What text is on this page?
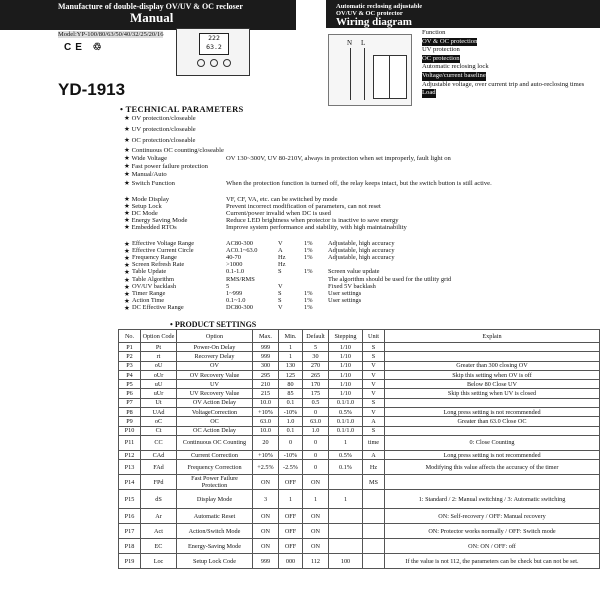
Manufacture of double-display OV/UV & OC recloser
Manual
Model:YP-100/80/63/50/40/32/25/20/16
CE ♲
222
63.2
YD-1913
Automatic reclosing adjustable
OV/UV & OC protector
Wiring diagram
N L
Function
OV & OC protection
UV protection
OC protection
Automatic reclosing lock
Voltage/current baseline
Adjustable voltage, over current trip and auto-reclosing times
Load
• TECHNICAL PARAMETERS
★ OV protection/closeable
★ UV protection/closeable
★ OC protection/closeable
★ Continuous OC counting/closeable
★ Wide Voltage	OV 130~300V, UV 80-210V, always in protection when set improperly, fault light on
★ Fast power failure protection
★ Manual/Auto
★ Switch Function	When the protection function is turned off, the relay keeps intact, but the switch button is still active.
★ Mode Display	VF, CF, VA, etc. can be switched by mode
★ Setup Lock	Prevent incorrect modification of parameters, can not reset
★ DC Mode	Current/power invalid when DC is used
★ Energy Saving Mode	Reduce LED brightness when protector is inactive to save energy
★ Embedded RTOs	Improve system performance and stability, with high maintainability
★ Effective Voltage Range	AC80-300	V	1% Adjustable, high accuracy
★ Effective Current Circle	AC0.1~63.0	A	1% Adjustable, high accuracy
★ Frequency Range	40-70	Hz	1% Adjustable, high accuracy
★ Screen Refresh Rate	>1000	Hz
★ Table Update	0.1-1.0	S	1% Screen value update
★ Table Algorithm	RMS/RMS	The algorithm should be used for the utility grid
★ OV/UV backlash	5	V	Fixed 5V backlash
★ Timer Range	1~999	S	1% User settings
★ Action Time	0.1~1.0	S	1% User settings
★ DC Effective Range	DC80-300	V	1%
• PRODUCT SETTINGS
No.	Option Code	Option	Max.	Min.	Default	Stepping	Unit	Explain
P1	Pt	Power-On Delay	999	1	5	1/10	S	
P2	rt	Recovery Delay	999	1	30	1/10	S	
P3	oU	OV	300	130	270	1/10	V	Greater than 300 closing OV
P4	oUr	OV Recovery Value	295	125	265	1/10	V	Skip this setting when OV is off
P5	uU	UV	210	80	170	1/10	V	Below 80 Close UV
P6	uUr	UV Recovery Value	215	85	175	1/10	V	Skip this setting when UV is closed
P7	Ut	OV Action Delay	10.0	0.1	0.5	0.1/1.0	S	
P8	UAd	VoltageCorrection	+10%	-10%	0	0.5%	V	Long press setting is not recommended
P9	oC	OC	63.0	1.0	63.0	0.1/1.0	A	Greater than 63.0 Close OC
P10	Ct	OC Action Delay	10.0	0.1	1.0	0.1/1.0	S	
P11	CC	Continuous OC Counting	20	0	0	1	time	0: Close Counting
P12	CAd	Current Correction	+10%	-10%	0	0.5%	A	Long press setting is not recommended
P13	FAd	Frequency Correction	+2.5%	-2.5%	0	0.1%	Hz	Modifying this value affects the accuracy of the timer
P14	FPd	Fast Power Failure Protection	ON	OFF	ON		MS	
P15	dS	Display Mode	3	1	1	1		1: Standard / 2: Manual switching / 3: Automatic switching
P16	Ar	Automatic Reset	ON	OFF	ON			ON: Self-recovery / OFF: Manual recovery
P17	Act	Action/Switch Mode	ON	OFF	ON			ON: Protector works normally / OFF: Switch mode
P18	EC	Energy-Saving Mode	ON	OFF	ON			ON: ON / OFF: off
P19	Loc	Setup Lock Code	999	000	112	100		If the value is not 112, the parameters can be check but can not be set.
